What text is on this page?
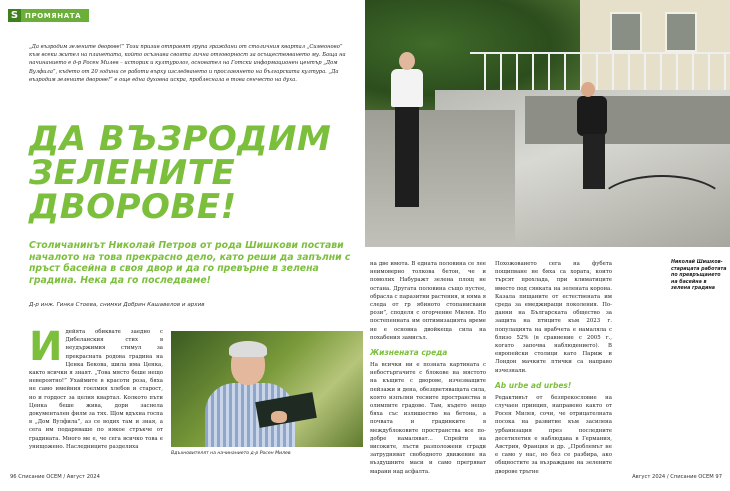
S ПРОМЯНАТА

„Да възродим зелените дворове!” Този призив отправят група граждани от столичния квартал „Симеоново” към всеки жител на планетата, който осъзнава своята лична отговорност за осъществяването му. Баща на начинанието е д-р Росен Милев – историк и културолог, основател на Готски информационен център „Дом Вулфила”, където от 20 години се работи върху изследването и прославянето на българската култура. „Да възродим зелените дворове!” е още една духовна искра, проблеснала в това сенчесто на духа.

ДА ВЪЗРОДИМ
ЗЕЛЕНИТЕ
ДВОРОВЕ!

Столичанинът Николай Петров от рода Шишкови постави началото на това прекрасно дело, като реши да запълни с пръст басейна в своя двор и да го превърне в зелена градина. Нека да го последваме!

Д-р инж. Гинка Стоева, снимки Добрин Кашавелов и архив

И дейята обиквате заедно с Дибеланския стих в неудържимия стимул за прекрасната родова градина на Ценка Бекова, шила има Ценка, както всички я знаят. „Това място беше нещо невероятно!” Ухаймите в красоти роза, бяха не само имейния гоелмия хлебов и старост, но и гордост за целия квартал. Колкото пъти Ценка беше жива, дори заснела документален филм за тях. Щом вдъхна госпа в „Дом Вулфила”, аз се водих там и зная, а сега им подаряваше по някое стръкче от градината. Много ме е, че сега всичко това е унищожено. Наследниците разделиха

Вдъхновителят на начинанието д-р Росен Милев

96 Списание ОСЕМ / Август 2024

на две имота. В едната половина се лее неимоверно толкова бетон, че и помолих Набуражт зелена площ не остана. Другата половина също пустее, обрасла с паразитни растения, и няма я следа от гр я6иното стопанисвани рози”, споделя с огорчение Милев. Но постепенната им оптимизацията време не е основна двойкеща сила на похабения замисъл.

Жизнената среда

На всички ни е позната картината с небостъргачите с блокове на мястото на къщите с дворове, изчезващите пейзажи и дена, обезцветяващата сила, която изпълни тесните пространства в олимпите градове. Там, където нещо бяха със излишество на бетона, а почвата и градинките в междублоковите пространства все по-добре намаляват... Спрейти на високите, лъсти разположени сгради затрудняват свободното движение на въздушните маси и само прегряват марани над асфалта.

Похожоването сега на фубета пощипване не бяха са хората, които търсят прохлада, при климатиците вместо под сянката на зелената корона. Казала пищаните от естествената им среда за емеджиращи поколения. По-данни на Българската общество за защита на птиците към 2023 г. популацията на врабчета е намаляла с близо 52% (в сравнение с 2005 г., когато започва наблюдението). В европейски столици като Париж и Лондон мачките птички са направо изчезнали.

Ab urbe ad urbes!

Редактивът от безпрекословие на случаен принцип, направено както от Росен Милев, сочи, че отрицателната посока на развитие към засилена урбанизация през последните десетилетия е наблюдава в Германия, Австрия, Франция и др. „Проблемът не е само у нас, но без се разбира, ако общностите за възраждане на зелените дворове тръгне

Николай Шишков-старицата работата по превръщането на басейна в зелена градина

Август 2024 / Списание ОСЕМ 97
